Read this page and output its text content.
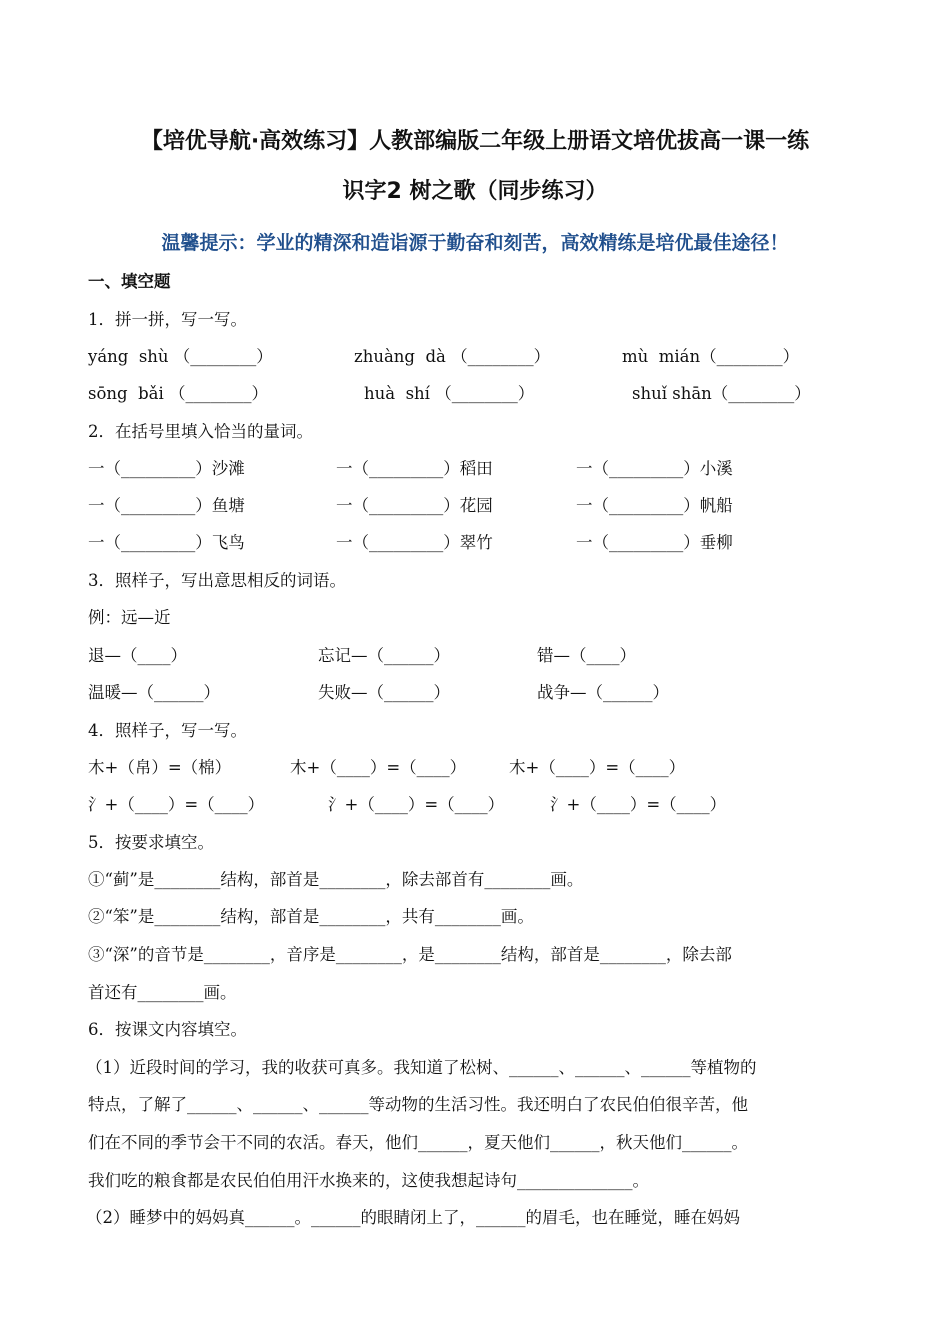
【培优导航·高效练习】人教部编版二年级上册语文培优拔高一课一练
识字2 树之歌（同步练习）
温馨提示：学业的精深和造诣源于勤奋和刻苦，高效精练是培优最佳途径！
一、填空题
1．拼一拼，写一写。
yáng  shù （________）	zhuàng  dà （________）	mù  mián（________）
sōng  bǎi （________）	huà  shí （________）	shuǐ shān（________）
2．在括号里填入恰当的量词。
一（_________）沙滩	一（_________）稻田	一（_________）小溪
一（_________）鱼塘	一（_________）花园	一（_________）帆船
一（_________）飞鸟	一（_________）翠竹	一（_________）垂柳
3．照样子，写出意思相反的词语。
例：远—近
退—（____）	忘记—（______）	错—（____）
温暖—（______）	失败—（______）	战争—（______）
4．照样子，写一写。
木+（帛）=（棉）	木+（____）=（____）	木+（____）=（____）
氵+（____）=（____）	氵+（____）=（____）	氵+（____）=（____）
5．按要求填空。
①“蓟”是________结构，部首是________，除去部首有________画。
②“笨”是________结构，部首是________，共有________画。
③“深”的音节是________，音序是________，是________结构，部首是________，除去部
首还有________画。
6．按课文内容填空。
（1）近段时间的学习，我的收获可真多。我知道了松树、______、______、______等植物的
特点，了解了______、______、______等动物的生活习性。我还明白了农民伯伯很辛苦，他
们在不同的季节会干不同的农活。春天，他们______，夏天他们______，秋天他们______。
我们吃的粮食都是农民伯伯用汗水换来的，这使我想起诗句______________。
（2）睡梦中的妈妈真______。______的眼睛闭上了，______的眉毛，也在睡觉，睡在妈妈
